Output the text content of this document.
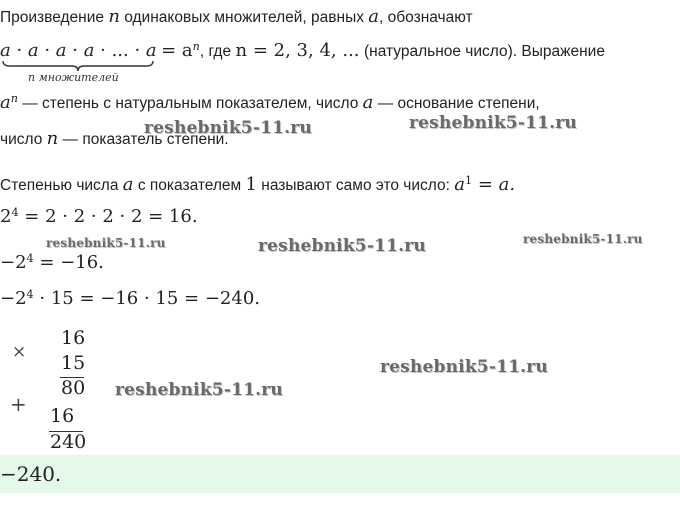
Произведение n одинаковых множителей, равных a, обозначают
a · a · a · a · ... · $a = a^n$, где n = 2, 3, 4, ... (натуральное число). Выражение
n множителей
$a^n$ — степень с натуральным показателем, число a — основание степени,
число n — показатель степени.
Степенью числа a с показателем 1 называют само это число: $a^1 = a$.
$2^4 = 2 \cdot 2 \cdot 2 \cdot 2 = 16$.
$-2^4 = -16$.
$-2^4 \cdot 15 = -16 \cdot 15 = -240$.
×
16
15
80
+ 16
240
−240.
reshebnik5-11.ru	reshebnik5-11.ru
reshebnik5-11.ru	reshebnik5-11.ru	reshebnik5-11.ru
reshebnik5-11.ru
reshebnik5-11.ru
